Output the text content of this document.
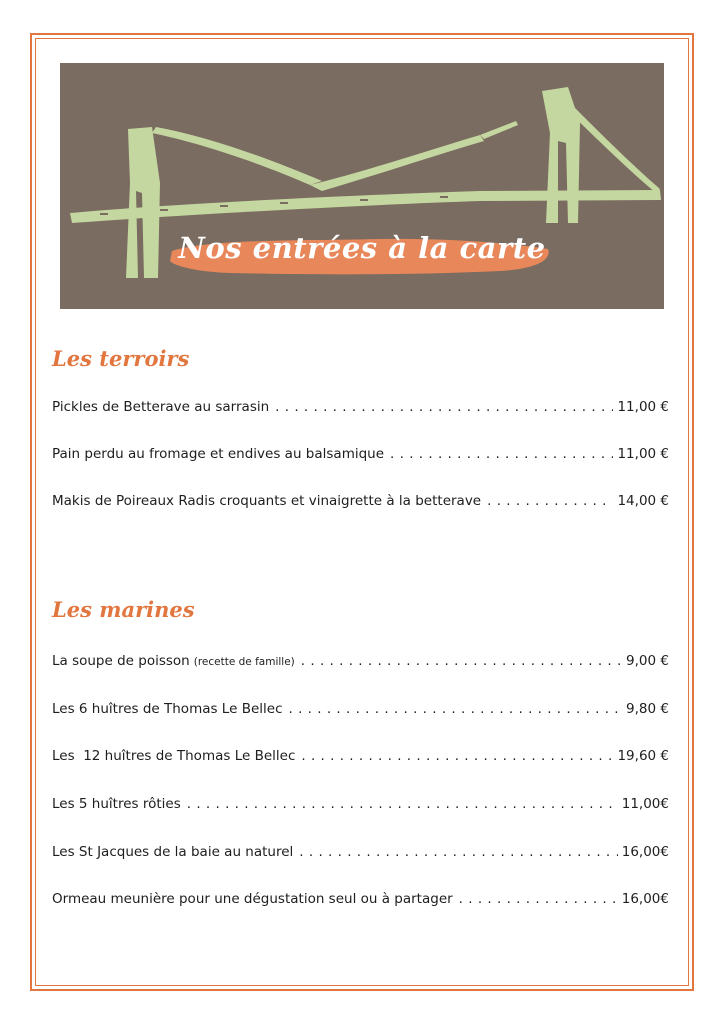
Nos entrées à la carte
Les terroirs
Pickles de Betterave au sarrasin . . .	11,00 €
Pain perdu au fromage et endives au balsamique . . .	11,00 €
Makis de Poireaux Radis croquants et vinaigrette à la betterave . . .	14,00 €
Les marines
La soupe de poisson (recette de famille) . . .	9,00 €
Les 6 huîtres de Thomas Le Bellec . . .	9,80 €
Les  12 huîtres de Thomas Le Bellec . . .	19,60 €
Les 5 huîtres rôties . . .	11,00€
Les St Jacques de la baie au naturel . . .	16,00€
Ormeau meunière pour une dégustation seul ou à partager . . .	16,00€
